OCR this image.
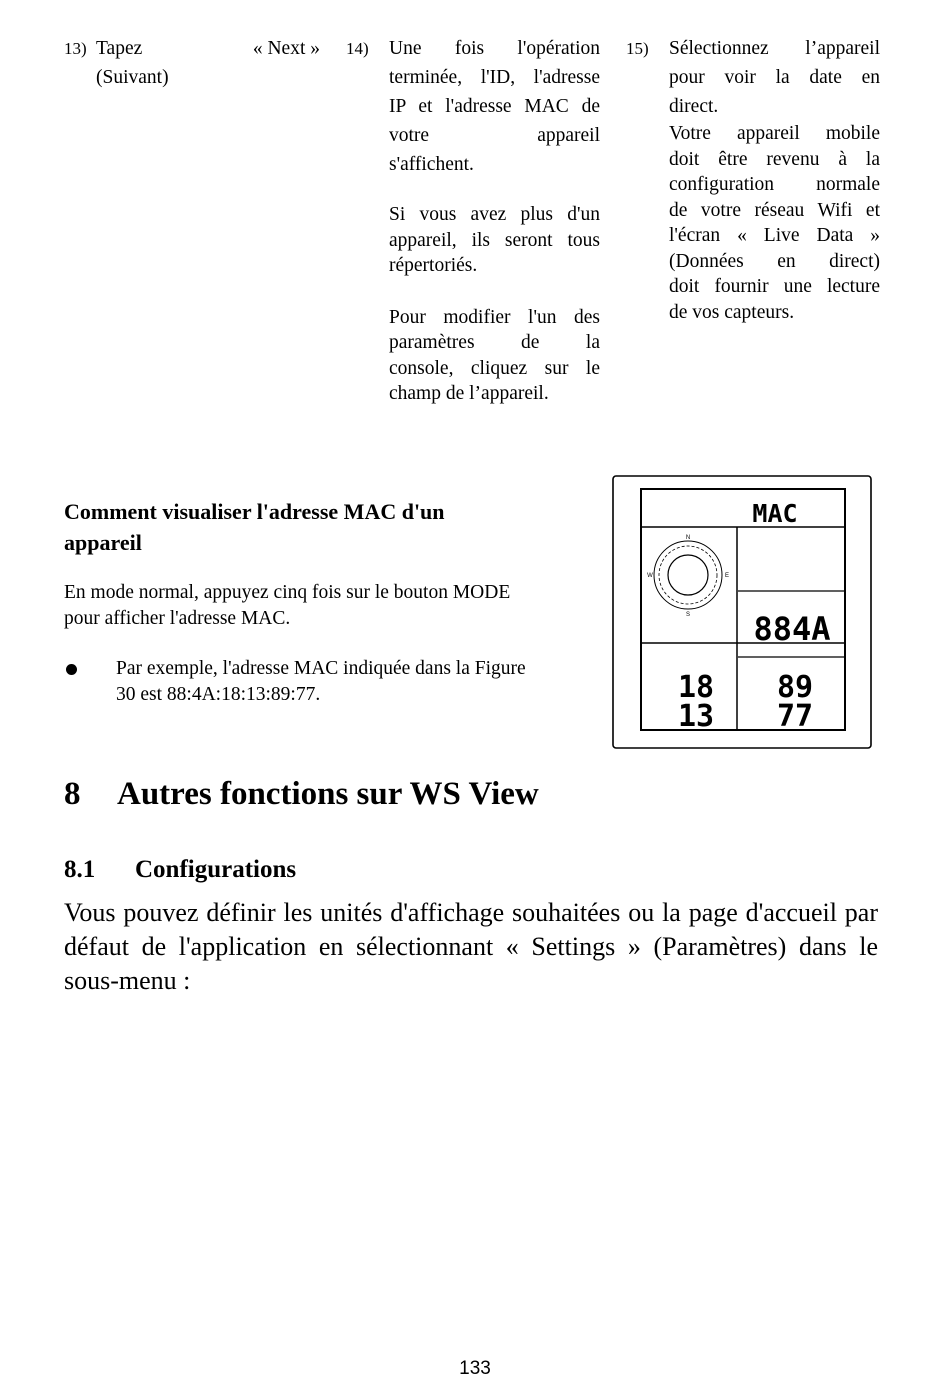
13) Tapez	« Next »
(Suivant)
14) Une fois l'opération

terminée, l'ID, l'adresse

IP et l'adresse MAC de

votre appareil

s'affichent.

Si vous avez plus d'un

appareil, ils seront tous

répertoriés.

Pour modifier l'un des

paramètres de la

console, cliquez sur le

champ de l’appareil.

15) Sélectionnez l’appareil

pour voir la date en

direct.

Votre appareil mobile

doit être revenu à la

configuration normale

de votre réseau Wifi et

l'écran « Live Data »

(Données en direct)

doit fournir une lecture

de vos capteurs.

Comment visualiser l'adresse MAC d'un
appareil
En mode normal, appuyez cinq fois sur le bouton MODE
pour afficher l'adresse MAC.
Par exemple, l'adresse MAC indiquée dans la Figure
30 est 88:4A:18:13:89:77.
N
S
W	E
MAC
884A
18
13
89
77
8 Autres fonctions sur WS View
8.1 Configurations
Vous pouvez définir les unités d'affichage souhaitées ou la page d'accueil par défaut de l'application en sélectionnant « Settings » (Paramètres) dans le sous-menu :
133
